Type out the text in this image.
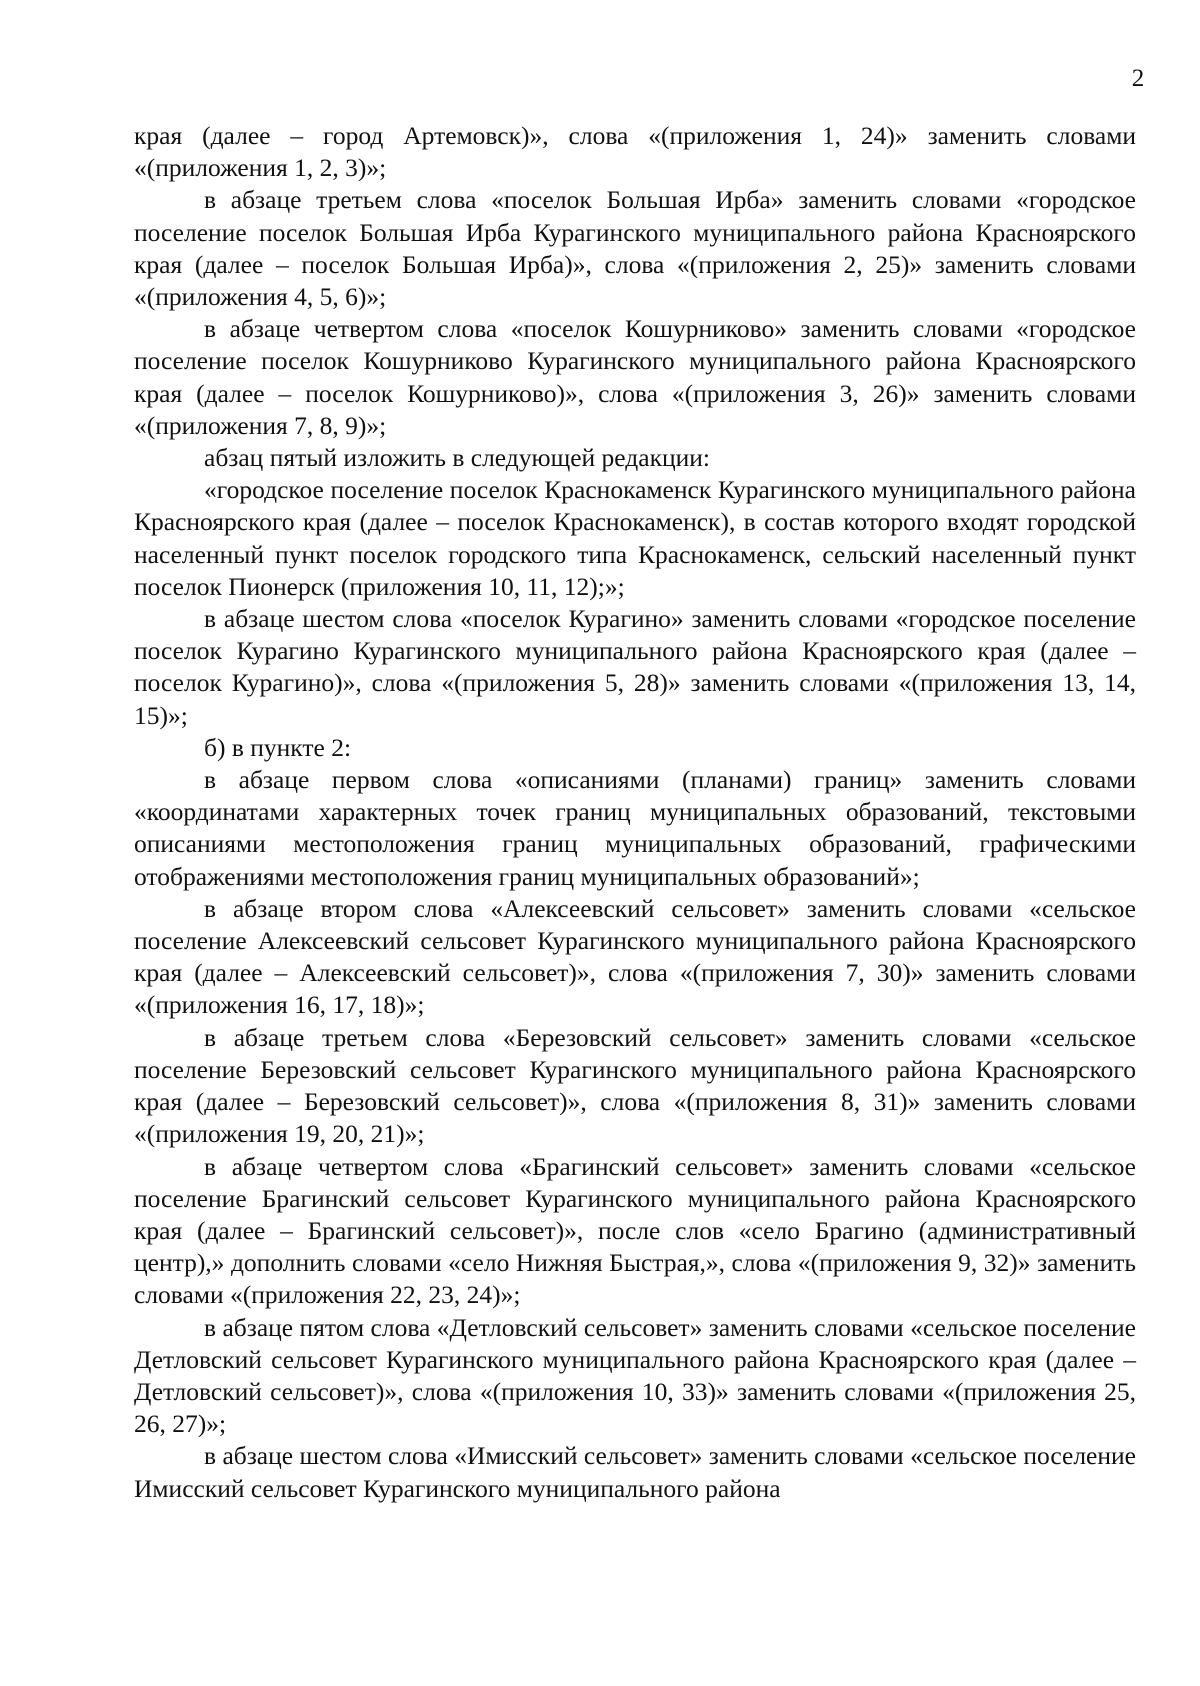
2

края (далее – город Артемовск)», слова «(приложения 1, 24)» заменить словами «(приложения 1, 2, 3)»;

в абзаце третьем слова «поселок Большая Ирба» заменить словами «городское поселение поселок Большая Ирба Курагинского муниципального района Красноярского края (далее – поселок Большая Ирба)», слова «(приложения 2, 25)» заменить словами «(приложения 4, 5, 6)»;

в абзаце четвертом слова «поселок Кошурниково» заменить словами «городское поселение поселок Кошурниково Курагинского муниципального района Красноярского края (далее – поселок Кошурниково)», слова «(приложения 3, 26)» заменить словами «(приложения 7, 8, 9)»;

абзац пятый изложить в следующей редакции:

«городское поселение поселок Краснокаменск Курагинского муниципального района Красноярского края (далее – поселок Краснокаменск), в состав которого входят городской населенный пункт поселок городского типа Краснокаменск, сельский населенный пункт поселок Пионерск (приложения 10, 11, 12);»;

в абзаце шестом слова «поселок Курагино» заменить словами «городское поселение поселок Курагино Курагинского муниципального района Красноярского края (далее – поселок Курагино)», слова «(приложения 5, 28)» заменить словами «(приложения 13, 14, 15)»;

б) в пункте 2:

в абзаце первом слова «описаниями (планами) границ» заменить словами «координатами характерных точек границ муниципальных образований, текстовыми описаниями местоположения границ муниципальных образований, графическими отображениями местоположения границ муниципальных образований»;

в абзаце втором слова «Алексеевский сельсовет» заменить словами «сельское поселение Алексеевский сельсовет Курагинского муниципального района Красноярского края (далее – Алексеевский сельсовет)», слова «(приложения 7, 30)» заменить словами «(приложения 16, 17, 18)»;

в абзаце третьем слова «Березовский сельсовет» заменить словами «сельское поселение Березовский сельсовет Курагинского муниципального района Красноярского края (далее – Березовский сельсовет)», слова «(приложения 8, 31)» заменить словами «(приложения 19, 20, 21)»;

в абзаце четвертом слова «Брагинский сельсовет» заменить словами «сельское поселение Брагинский сельсовет Курагинского муниципального района Красноярского края (далее – Брагинский сельсовет)», после слов «село Брагино (административный центр),» дополнить словами «село Нижняя Быстрая,», слова «(приложения 9, 32)» заменить словами «(приложения 22, 23, 24)»;

в абзаце пятом слова «Детловский сельсовет» заменить словами «сельское поселение Детловский сельсовет Курагинского муниципального района Красноярского края (далее – Детловский сельсовет)», слова «(приложения 10, 33)» заменить словами «(приложения 25, 26, 27)»;

в абзаце шестом слова «Имисский сельсовет» заменить словами «сельское поселение Имисский сельсовет Курагинского муниципального района
